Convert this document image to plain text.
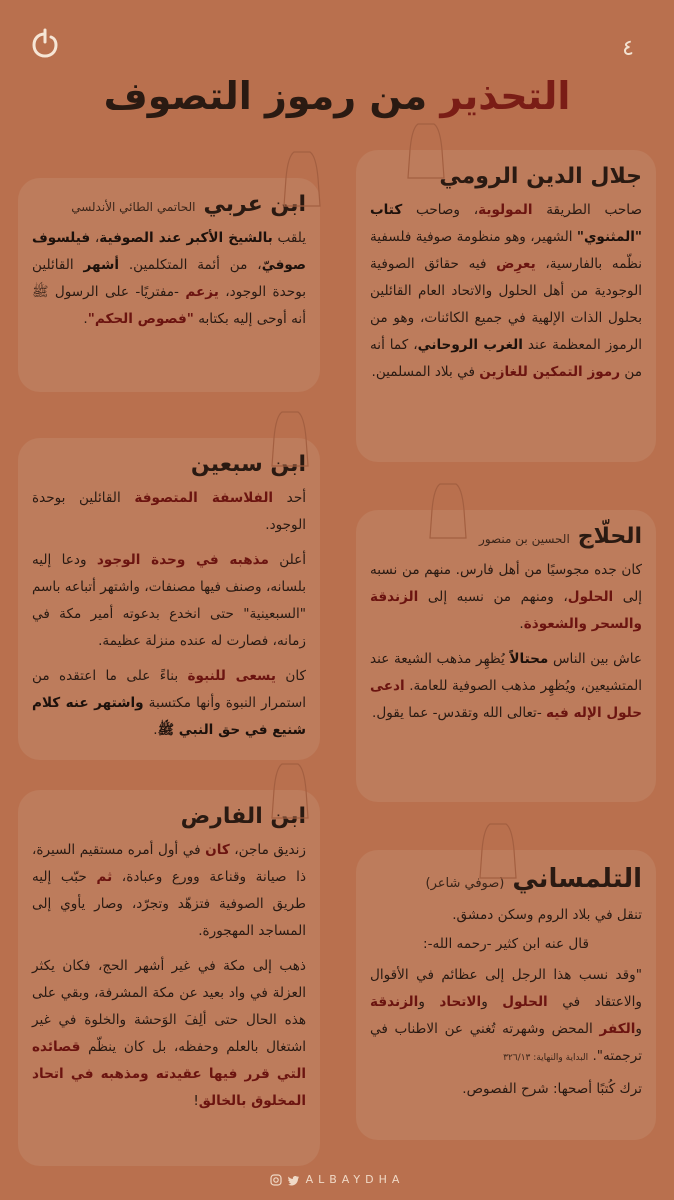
٤
التحذير من رموز التصوف
جلال الدين الرومي

صاحب الطريقة المولوية، وصاحب كتاب "المثنوي" الشهير، وهو منظومة صوفية فلسفية نظّمه بالفارسية، يعرِض فيه حقائق الصوفية الوجودية من أهل الحلول والاتحاد العام القائلين بحلول الذات الإلهية في جميع الكائنات، وهو من الرموز المعظمة عند الغرب الروحاني، كما أنه من رموز التمكين للغازين في بلاد المسلمين.

ابن عربي
الحاتمي الطائي الأندلسي

يلقب بالشيخ الأكبر عند الصوفية، فيلسوف صوفيّ، من أئمة المتكلمين. أشهر القائلين بوحدة الوجود، يزعم -مفتريًا- على الرسول ﷺ أنه أوحى إليه بكتابه "فصوص الحكم".

ابن سبعين

أحد الفلاسفة المتصوفة القائلين بوحدة الوجود.

أعلن مذهبه في وحدة الوجود ودعا إليه بلسانه، وصنف فيها مصنفات، واشتهر أتباعه باسم "السبعينية" حتى انخدع بدعوته أمير مكة في زمانه، فصارت له عنده منزلة عظيمة.

كان يسعى للنبوة بناءً على ما اعتقده من استمرار النبوة وأنها مكتسبة واشتهر عنه كلام شنيع في حق النبي ﷺ.

الحلّاج
الحسين بن منصور

كان جده مجوسيًا من أهل فارس. منهم من نسبه إلى الحلول، ومنهم من نسبه إلى الزندقة والسحر والشعوذة.

عاش بين الناس محتالاً يُظهِر مذهب الشيعة عند المتشيعين، ويُظهِر مذهب الصوفية للعامة. ادعى حلول الإله فيه -تعالى الله وتقدس- عما يقول.

ابن الفارض

زنديق ماجن، كان في أول أمره مستقيم السيرة، ذا صيانة وقناعة وورع وعبادة، ثم حبّب إليه طريق الصوفية فتزهّد وتجرّد، وصار يأوي إلى المساجد المهجورة.

ذهب إلى مكة في غير أشهر الحج، فكان يكثر العزلة في واد بعيد عن مكة المشرفة، وبقي على هذه الحال حتى ألِفَ الوَحشة والخلوة في غير اشتغال بالعلم وحفظه، بل كان ينظّم قصائده التي قرر فيها عقيدته ومذهبه في اتحاد المخلوق بالخالق!

التلمساني
(صوفي شاعر)

تنقل في بلاد الروم وسكن دمشق.

قال عنه ابن كثير -رحمه الله-:

"وقد نسب هذا الرجل إلى عظائم في الأقوال والاعتقاد في الحلول والاتحاد والزندقة والكفر المحض وشهرته تُغني عن الاطناب في ترجمته". البداية والنهاية: ٣٢٦/١٣

ترك كُتبًا أصحها: شرح الفصوص.

ALBAYDHA
